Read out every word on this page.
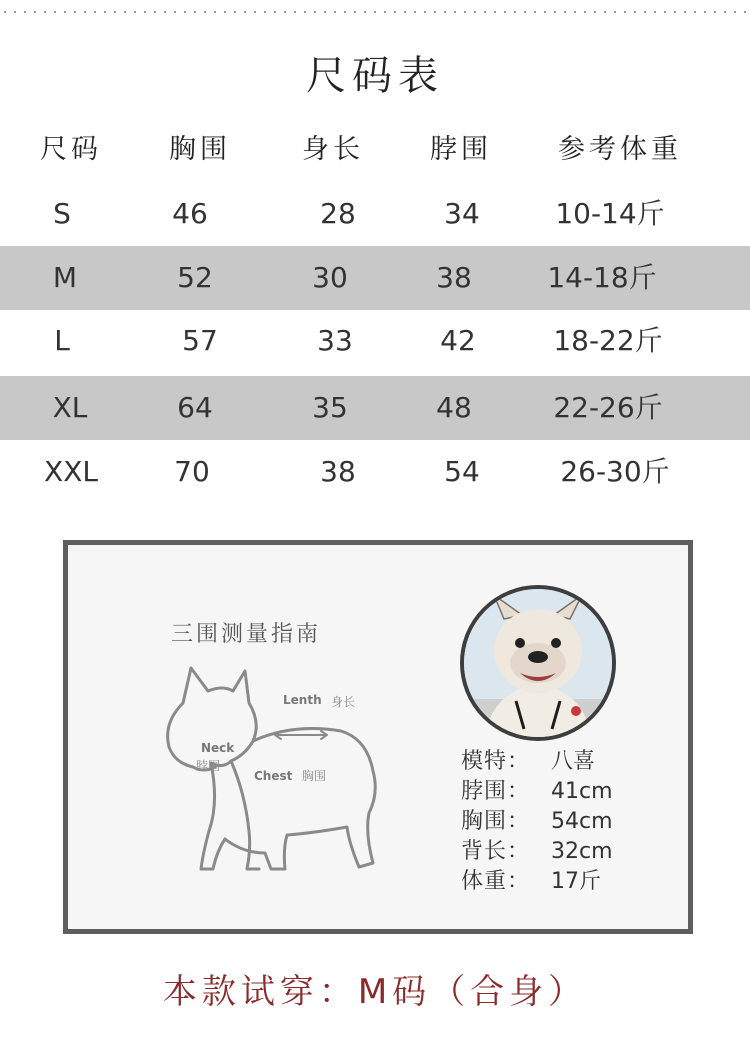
尺码表
尺码	胸围	身长	脖围	参考体重
S	46	28	34	10-14斤
M	52	30	38	14-18斤
L	57	33	42	18-22斤
XL	64	35	48	22-26斤
XXL	70	38	54	26-30斤
三围测量指南
Lenth 身长
Neck
脖围
Chest 胸围
模特： 八喜
脖围： 41cm
胸围： 54cm
背长： 32cm
体重： 17斤
本款试穿：M码（合身）
